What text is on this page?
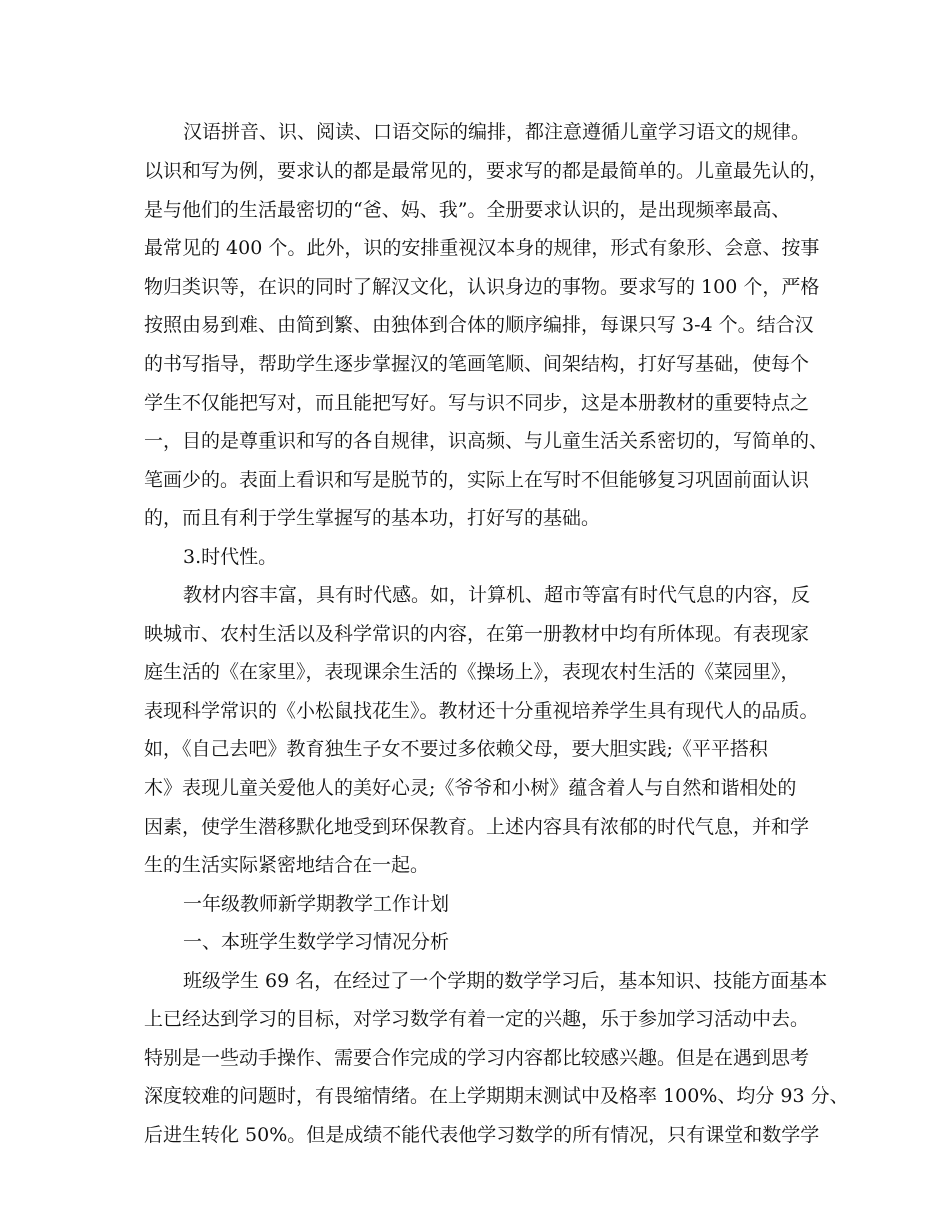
汉语拼音、识、阅读、口语交际的编排，都注意遵循儿童学习语文的规律。
以识和写为例，要求认的都是最常见的，要求写的都是最简单的。儿童最先认的，
是与他们的生活最密切的“爸、妈、我”。全册要求认识的，是出现频率最高、
最常见的 400 个。此外，识的安排重视汉本身的规律，形式有象形、会意、按事
物归类识等，在识的同时了解汉文化，认识身边的事物。要求写的 100 个，严格
按照由易到难、由简到繁、由独体到合体的顺序编排，每课只写 3-4 个。结合汉
的书写指导，帮助学生逐步掌握汉的笔画笔顺、间架结构，打好写基础，使每个
学生不仅能把写对，而且能把写好。写与识不同步，这是本册教材的重要特点之
一，目的是尊重识和写的各自规律，识高频、与儿童生活关系密切的，写简单的、
笔画少的。表面上看识和写是脱节的，实际上在写时不但能够复习巩固前面认识
的，而且有利于学生掌握写的基本功，打好写的基础。
3.时代性。
教材内容丰富，具有时代感。如，计算机、超市等富有时代气息的内容，反
映城市、农村生活以及科学常识的内容，在第一册教材中均有所体现。有表现家
庭生活的《在家里》，表现课余生活的《操场上》，表现农村生活的《菜园里》，
表现科学常识的《小松鼠找花生》。教材还十分重视培养学生具有现代人的品质。
如，《自己去吧》教育独生子女不要过多依赖父母，要大胆实践;《平平搭积
木》表现儿童关爱他人的美好心灵;《爷爷和小树》蕴含着人与自然和谐相处的
因素，使学生潜移默化地受到环保教育。上述内容具有浓郁的时代气息，并和学
生的生活实际紧密地结合在一起。
一年级教师新学期教学工作计划
一、本班学生数学学习情况分析
班级学生 69 名，在经过了一个学期的数学学习后，基本知识、技能方面基本
上已经达到学习的目标，对学习数学有着一定的兴趣，乐于参加学习活动中去。
特别是一些动手操作、需要合作完成的学习内容都比较感兴趣。但是在遇到思考
深度较难的问题时，有畏缩情绪。在上学期期末测试中及格率 100%、均分 93 分、
后进生转化 50%。但是成绩不能代表他学习数学的所有情况，只有课堂和数学学
